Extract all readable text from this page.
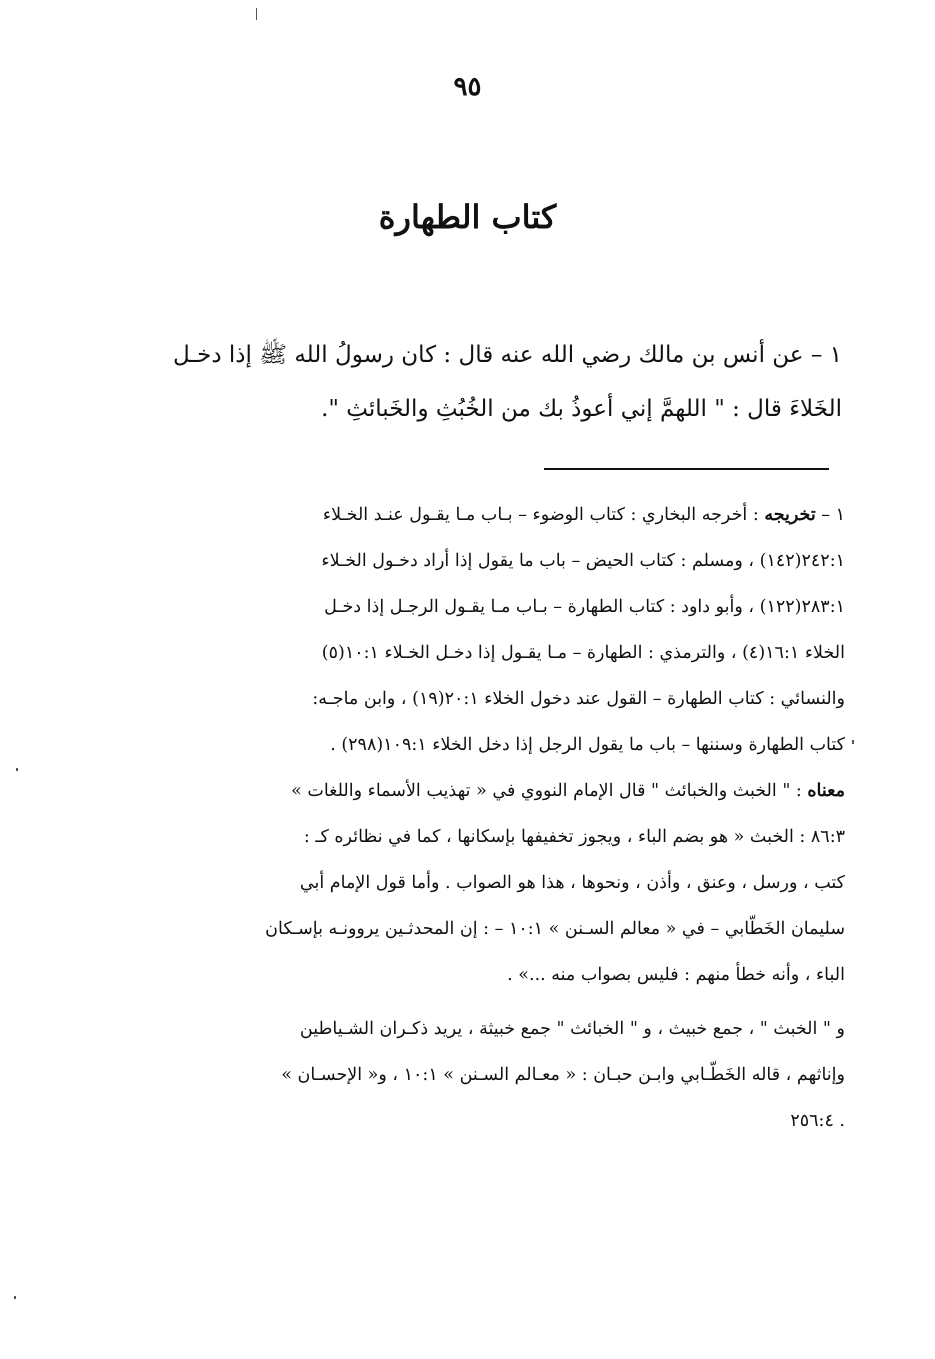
٩٥
كتاب الطهارة

١ – عن أنس بن مالك رضي الله عنه قال : كان رسولُ الله ﷺ إذا دخـل

الخَلاءَ قال : " اللهمَّ إني أعوذُ بك من الخُبُثِ والخَبائثِ ".

١ – تخريجه : أخرجه البخاري : كتاب الوضوء – بـاب مـا يقـول عنـد الخـلاء
٢٤٢:١(١٤٢) ، ومسلم : كتاب الحيض – باب ما يقول إذا أراد دخـول الخـلاء
٢٨٣:١(١٢٢) ، وأبو داود : كتاب الطهارة – بـاب مـا يقـول الرجـل إذا دخـل
الخلاء ١٦:١(٤) ، والترمذي : الطهارة – مـا يقـول إذا دخـل الخـلاء ١٠:١(٥)
والنسائي : كتاب الطهارة – القول عند دخول الخلاء ٢٠:١(١٩) ، وابن ماجـه:
كتاب الطهارة وسننها – باب ما يقول الرجل إذا دخل الخلاء ١٠٩:١(٢٩٨) .
معناه : " الخبث والخبائث " قال الإمام النووي في « تهذيب الأسماء واللغات »
٨٦:٣ : الخبث « هو بضم الباء ، ويجوز تخفيفها بإسكانها ، كما في نظائره كـ :
كتب ، ورسل ، وعنق ، وأذن ، ونحوها ، هذا هو الصواب . وأما قول الإمام أبي
سليمان الخَطّابي – في « معالم السـنن » ١٠:١ – : إن المحدثـين يروونـه بإسـكان
الباء ، وأنه خطأ منهم : فليس بصواب منه ...» .
و " الخبث " ، جمع خبيث ، و " الخبائث " جمع خبيثة ، يريد ذكـران الشـياطين
وإناثهم ، قاله الخَطّـابي وابـن حبـان : « معـالم السـنن » ١٠:١ ، و« الإحسـان »
. ٢٥٦:٤
